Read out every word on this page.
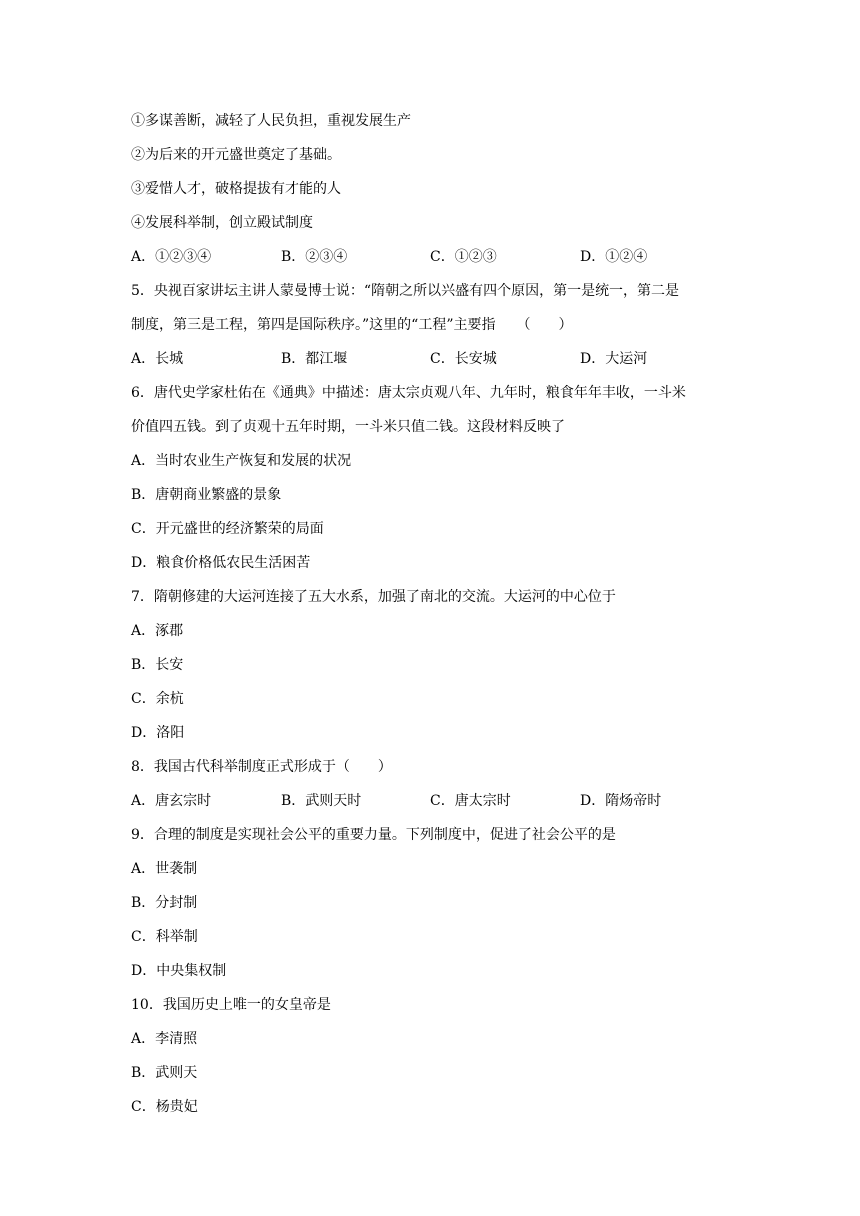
①多谋善断，减轻了人民负担，重视发展生产
②为后来的开元盛世奠定了基础。
③爱惜人才，破格提拔有才能的人
④发展科举制，创立殿试制度
A．①②③④	B．②③④	C．①②③	D．①②④
5．央视百家讲坛主讲人蒙曼博士说：“隋朝之所以兴盛有四个原因，第一是统一，第二是
制度，第三是工程，第四是国际秩序。”这里的“工程”主要指　　（　　）
A．长城	B．都江堰	C．长安城	D．大运河
6．唐代史学家杜佑在《通典》中描述：唐太宗贞观八年、九年时，粮食年年丰收，一斗米
价值四五钱。到了贞观十五年时期，一斗米只值二钱。这段材料反映了
A．当时农业生产恢复和发展的状况
B．唐朝商业繁盛的景象
C．开元盛世的经济繁荣的局面
D．粮食价格低农民生活困苦
7．隋朝修建的大运河连接了五大水系，加强了南北的交流。大运河的中心位于
A．涿郡
B．长安
C．余杭
D．洛阳
8．我国古代科举制度正式形成于（　　）
A．唐玄宗时	B．武则天时	C．唐太宗时	D．隋炀帝时
9．合理的制度是实现社会公平的重要力量。下列制度中，促进了社会公平的是
A．世袭制
B．分封制
C．科举制
D．中央集权制
10．我国历史上唯一的女皇帝是
A．李清照
B．武则天
C．杨贵妃
